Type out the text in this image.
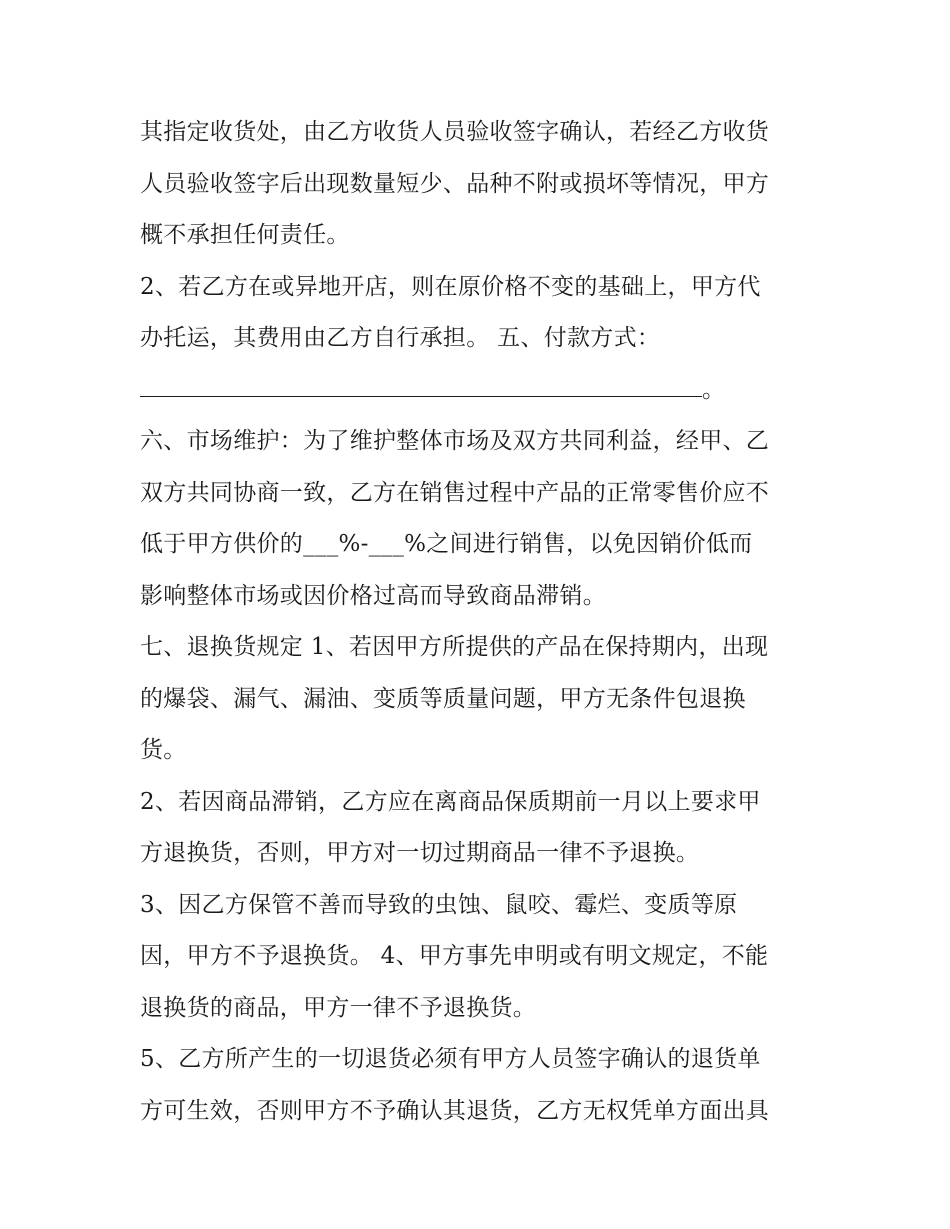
其指定收货处，由乙方收货人员验收签字确认，若经乙方收货
人员验收签字后出现数量短少、品种不附或损坏等情况，甲方
概不承担任何责任。
2、若乙方在或异地开店，则在原价格不变的基础上，甲方代
办托运，其费用由乙方自行承担。 五、付款方式：
。
六、市场维护：为了维护整体市场及双方共同利益，经甲、乙
双方共同协商一致，乙方在销售过程中产品的正常零售价应不
低于甲方供价的___%-___%之间进行销售，以免因销价低而
影响整体市场或因价格过高而导致商品滞销。
七、退换货规定 1、若因甲方所提供的产品在保持期内，出现
的爆袋、漏气、漏油、变质等质量问题，甲方无条件包退换
货。
2、若因商品滞销，乙方应在离商品保质期前一月以上要求甲
方退换货，否则，甲方对一切过期商品一律不予退换。
3、因乙方保管不善而导致的虫蚀、鼠咬、霉烂、变质等原
因，甲方不予退换货。 4、甲方事先申明或有明文规定，不能
退换货的商品，甲方一律不予退换货。
5、乙方所产生的一切退货必须有甲方人员签字确认的退货单
方可生效，否则甲方不予确认其退货，乙方无权凭单方面出具
